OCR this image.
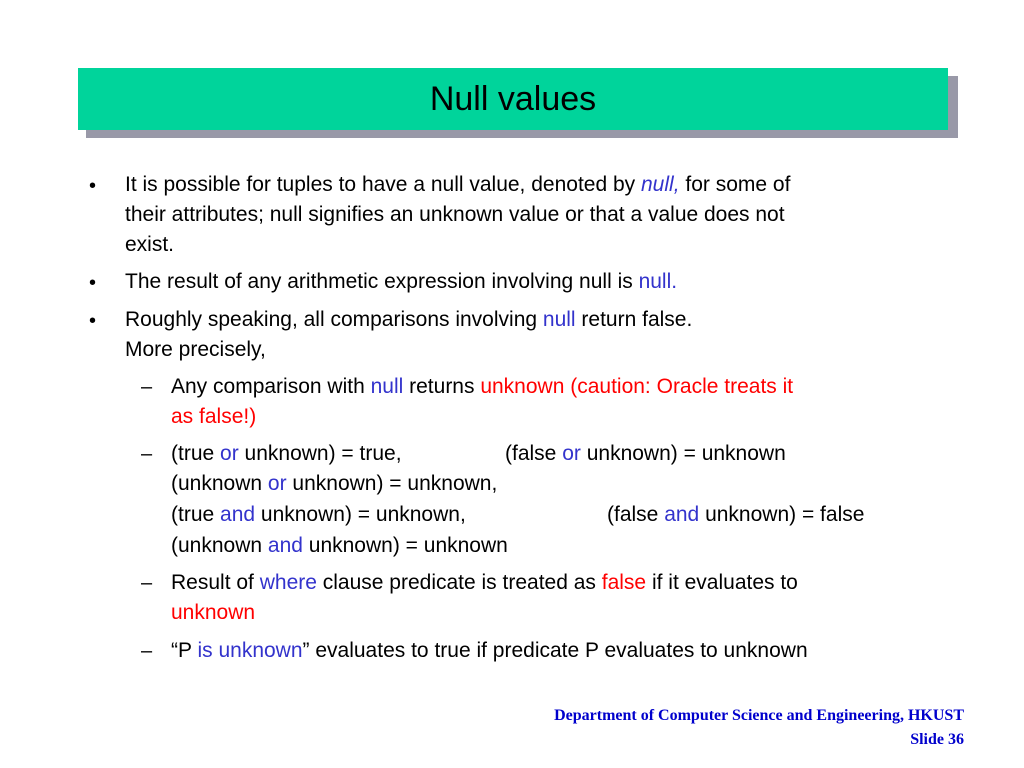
Null values
• It is possible for tuples to have a null value, denoted by null, for some of
their attributes; null signifies an unknown value or that a value does not
exist.
• The result of any arithmetic expression involving null is null.
• Roughly speaking, all comparisons involving null return false.
More precisely,
– Any comparison with null returns unknown (caution: Oracle treats it
as false!)
– (true or unknown) = true,	(false or unknown) = unknown
(unknown or unknown) = unknown,
(true and unknown) = unknown,	(false and unknown) = false
(unknown and unknown) = unknown
– Result of where clause predicate is treated as false if it evaluates to
unknown
– “P is unknown” evaluates to true if predicate P evaluates to unknown
Department of Computer Science and Engineering, HKUST
Slide 36
